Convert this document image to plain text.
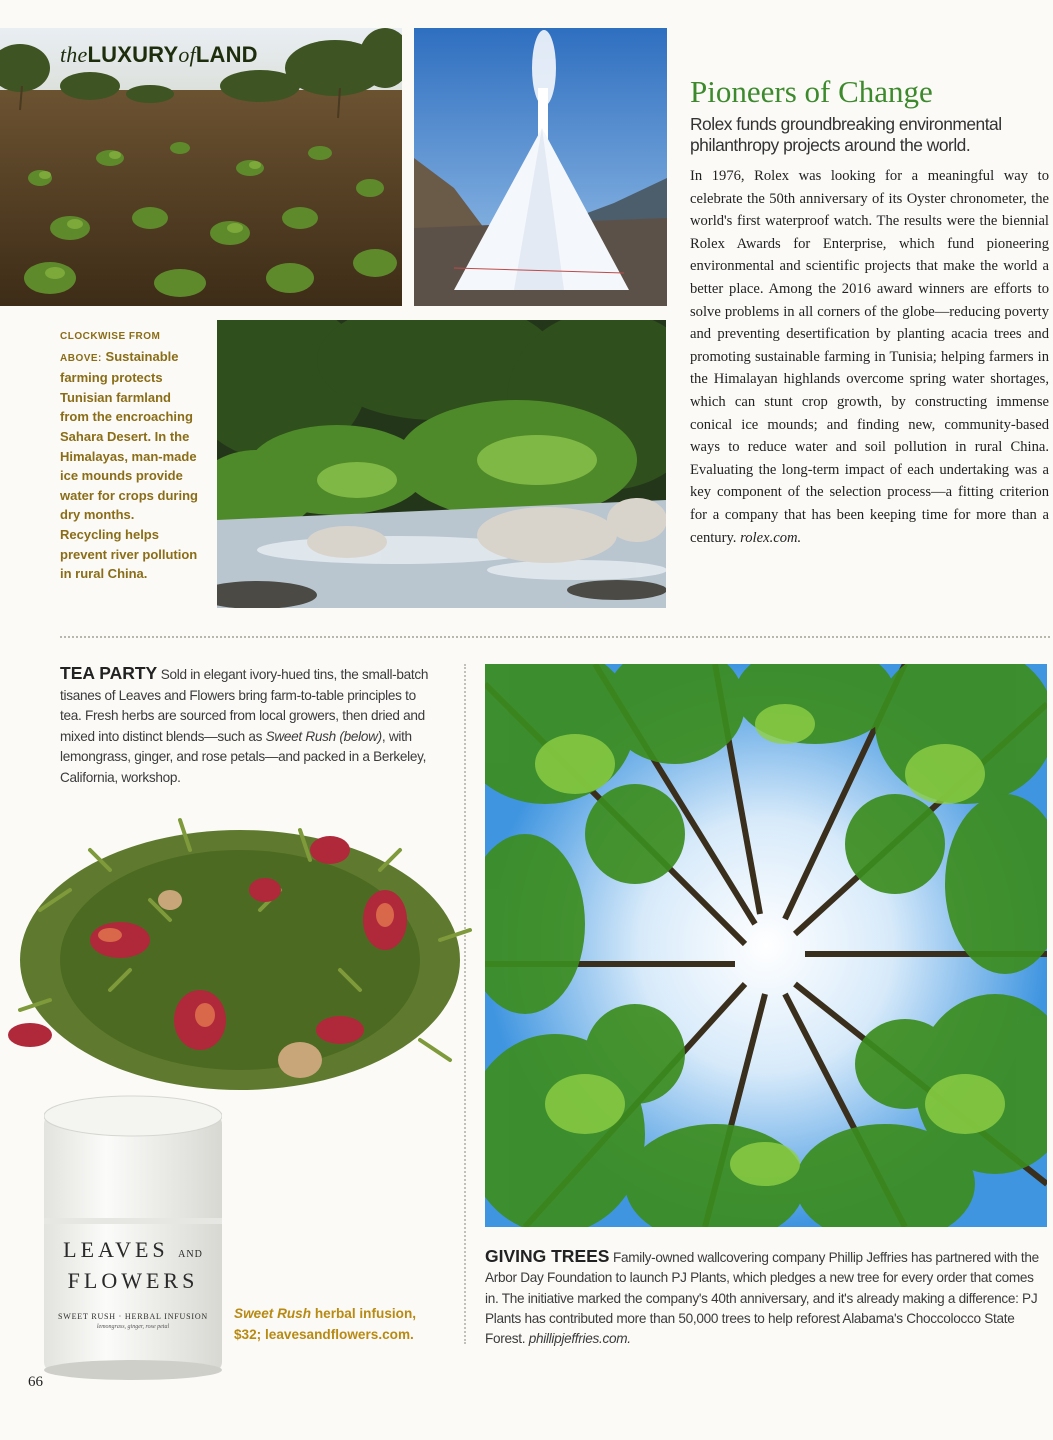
theLUXURYofLAND
CLOCKWISE FROM ABOVE: Sustainable farming protects Tunisian farmland from the encroaching Sahara Desert. In the Himalayas, man-made ice mounds provide water for crops during dry months. Recycling helps prevent river pollution in rural China.
Pioneers of Change
Rolex funds groundbreaking environmental philanthropy projects around the world.
In 1976, Rolex was looking for a meaningful way to celebrate the 50th anniversary of its Oyster chronometer, the world's first waterproof watch. The results were the biennial Rolex Awards for Enterprise, which fund pioneering environmental and scientific projects that make the world a better place. Among the 2016 award winners are efforts to solve problems in all corners of the globe—reducing poverty and preventing desertification by planting acacia trees and promoting sustainable farming in Tunisia; helping farmers in the Himalayan highlands overcome spring water shortages, which can stunt crop growth, by constructing immense conical ice mounds; and finding new, community-based ways to reduce water and soil pollution in rural China. Evaluating the long-term impact of each undertaking was a key component of the selection process—a fitting criterion for a company that has been keeping time for more than a century. rolex.com.
TEA PARTY Sold in elegant ivory-hued tins, the small-batch tisanes of Leaves and Flowers bring farm-to-table principles to tea. Fresh herbs are sourced from local growers, then dried and mixed into distinct blends—such as Sweet Rush (below), with lemongrass, ginger, and rose petals—and packed in a Berkeley, California, workshop.
LEAVES AND
FLOWERS
SWEET RUSH · HERBAL INFUSION
lemongrass, ginger, rose petal
Sweet Rush herbal infusion, $32; leavesandflowers.com.
GIVING TREES Family-owned wallcovering company Phillip Jeffries has partnered with the Arbor Day Foundation to launch PJ Plants, which pledges a new tree for every order that comes in. The initiative marked the company's 40th anniversary, and it's already making a difference: PJ Plants has contributed more than 50,000 trees to help reforest Alabama's Choccolocco State Forest. phillipjeffries.com.
66
